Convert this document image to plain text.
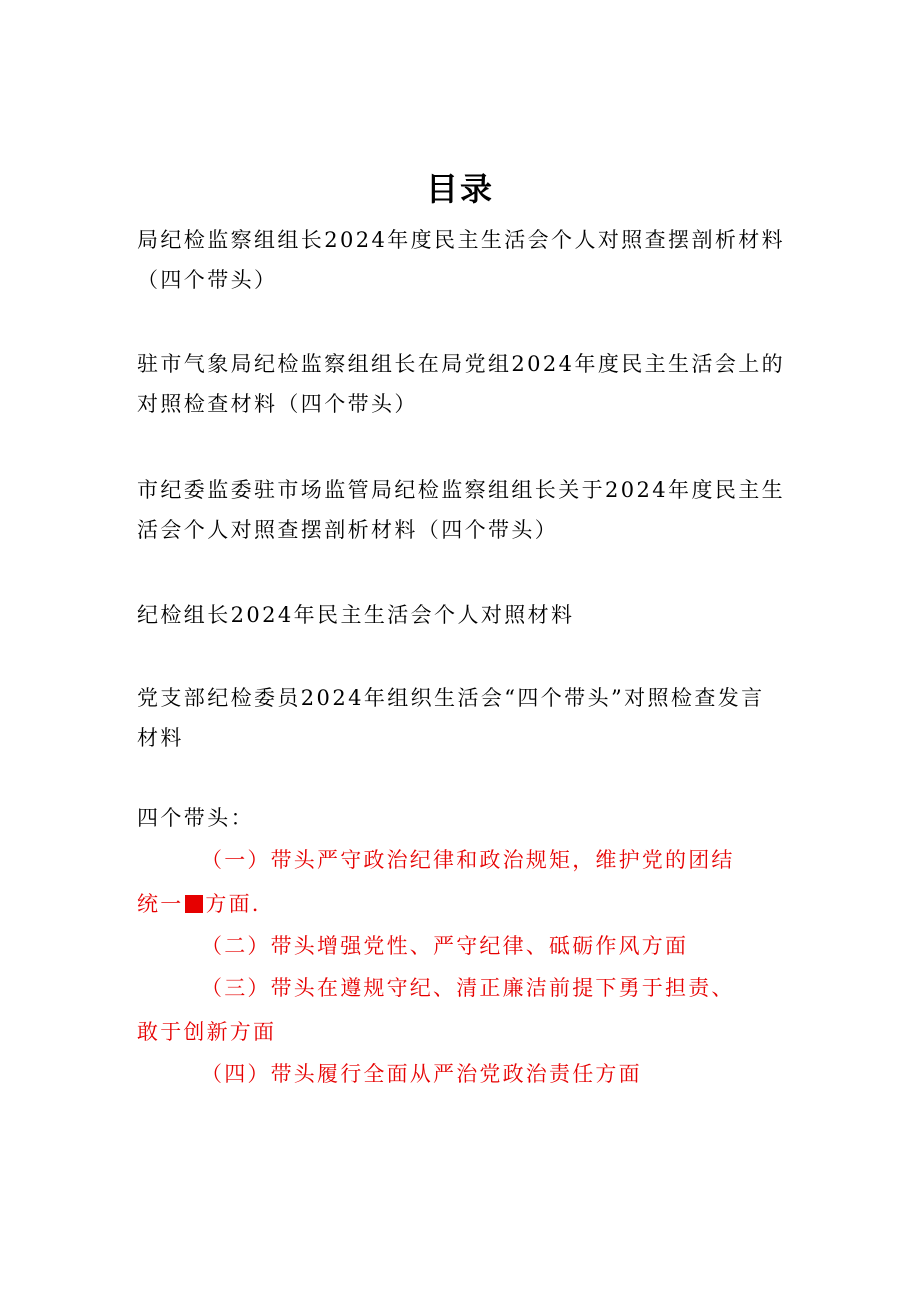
目录
局纪检监察组组长2024年度民主生活会个人对照查摆剖析材料（四个带头）
驻市气象局纪检监察组组长在局党组2024年度民主生活会上的对照检查材料（四个带头）
市纪委监委驻市场监管局纪检监察组组长关于2024年度民主生活会个人对照查摆剖析材料（四个带头）
纪检组长2024年民主生活会个人对照材料
党支部纪检委员2024年组织生活会“四个带头”对照检查发言材料
四个带头：
（一）带头严守政治纪律和政治规矩，维护党的团结统一 方面.
（二）带头增强党性、严守纪律、砥砺作风方面
（三）带头在遵规守纪、清正廉洁前提下勇于担责、敢于创新方面
（四）带头履行全面从严治党政治责任方面
